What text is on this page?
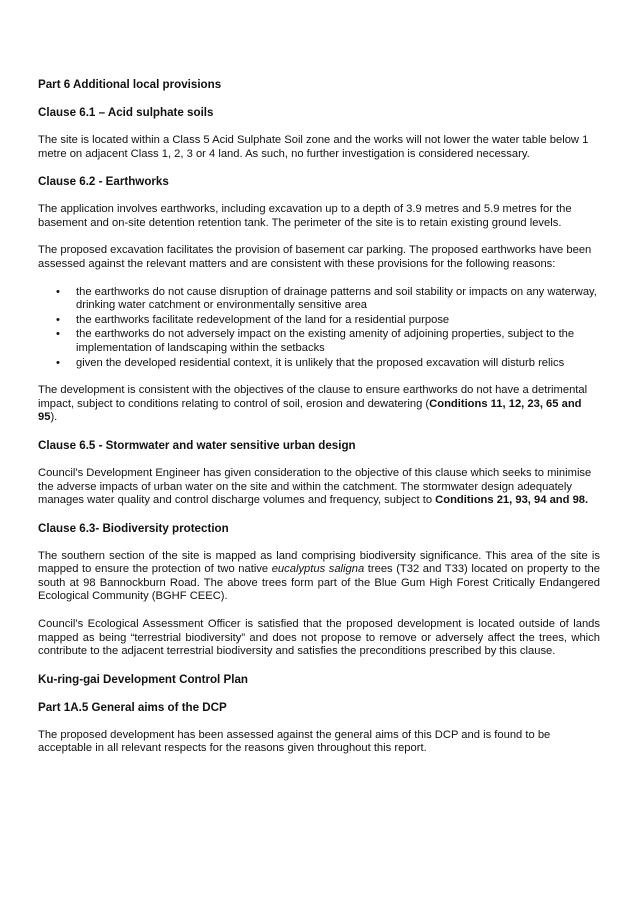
Part 6 Additional local provisions
Clause 6.1 – Acid sulphate soils

The site is located within a Class 5 Acid Sulphate Soil zone and the works will not lower the water table below 1 metre on adjacent Class 1, 2, 3 or 4 land. As such, no further investigation is considered necessary.

Clause 6.2 - Earthworks

The application involves earthworks, including excavation up to a depth of 3.9 metres and 5.9 metres for the basement and on-site detention retention tank. The perimeter of the site is to retain existing ground levels.

The proposed excavation facilitates the provision of basement car parking. The proposed earthworks have been assessed against the relevant matters and are consistent with these provisions for the following reasons:

• the earthworks do not cause disruption of drainage patterns and soil stability or impacts on any waterway, drinking water catchment or environmentally sensitive area
• the earthworks facilitate redevelopment of the land for a residential purpose
• the earthworks do not adversely impact on the existing amenity of adjoining properties, subject to the implementation of landscaping within the setbacks
• given the developed residential context, it is unlikely that the proposed excavation will disturb relics

The development is consistent with the objectives of the clause to ensure earthworks do not have a detrimental impact, subject to conditions relating to control of soil, erosion and dewatering (Conditions 11, 12, 23, 65 and 95).

Clause 6.5 - Stormwater and water sensitive urban design

Council’s Development Engineer has given consideration to the objective of this clause which seeks to minimise the adverse impacts of urban water on the site and within the catchment. The stormwater design adequately manages water quality and control discharge volumes and frequency, subject to Conditions 21, 93, 94 and 98.

Clause 6.3- Biodiversity protection

The southern section of the site is mapped as land comprising biodiversity significance. This area of the site is mapped to ensure the protection of two native eucalyptus saligna trees (T32 and T33) located on property to the south at 98 Bannockburn Road. The above trees form part of the Blue Gum High Forest Critically Endangered Ecological Community (BGHF CEEC).

Council’s Ecological Assessment Officer is satisfied that the proposed development is located outside of lands mapped as being “terrestrial biodiversity” and does not propose to remove or adversely affect the trees, which contribute to the adjacent terrestrial biodiversity and satisfies the preconditions prescribed by this clause.

Ku-ring-gai Development Control Plan
Part 1A.5 General aims of the DCP

The proposed development has been assessed against the general aims of this DCP and is found to be acceptable in all relevant respects for the reasons given throughout this report.
